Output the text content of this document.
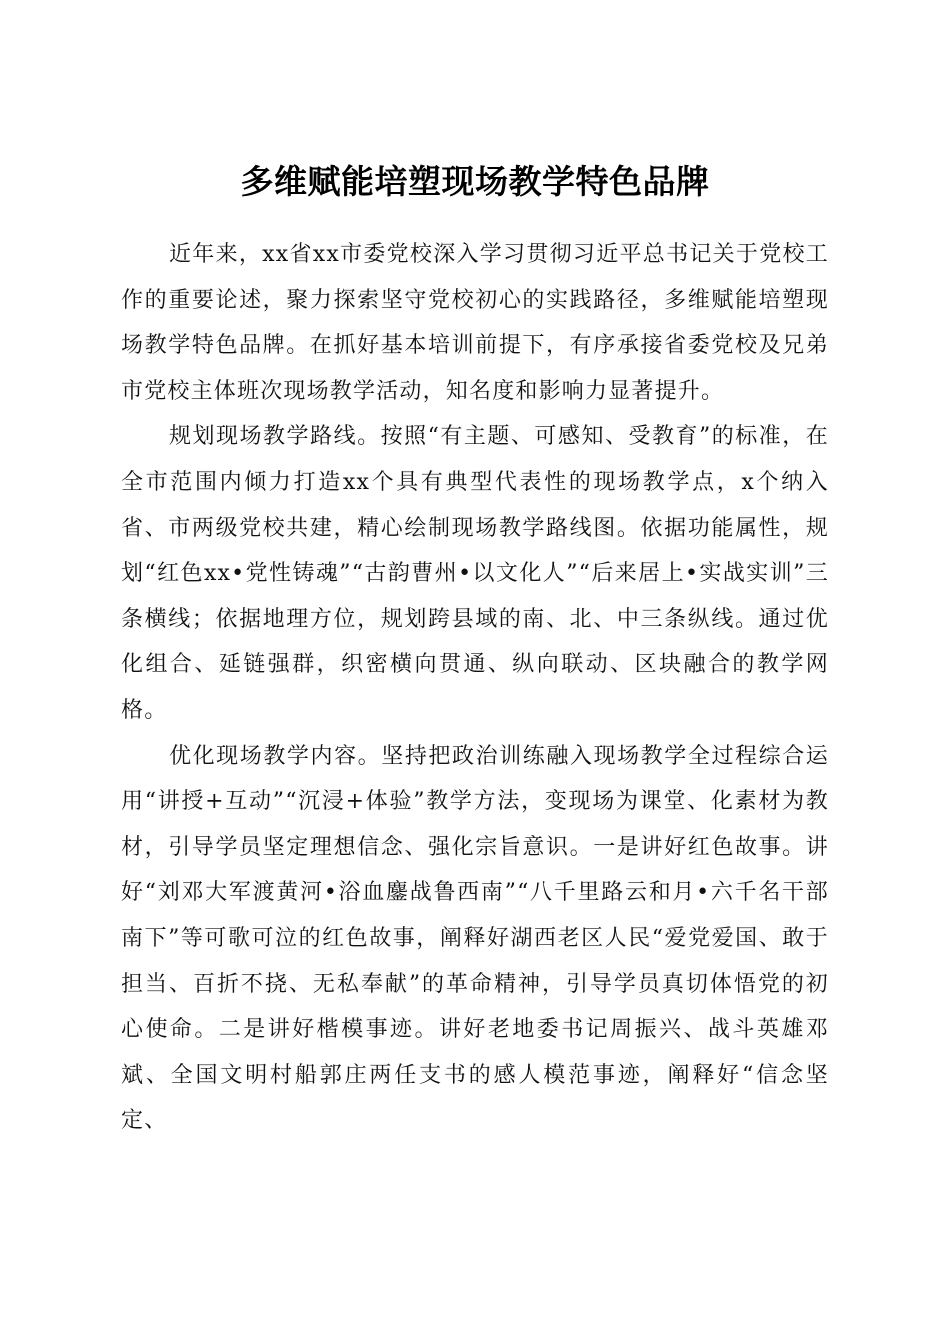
多维赋能培塑现场教学特色品牌

近年来，xx省xx市委党校深入学习贯彻习近平总书记关于党校工作的重要论述，聚力探索坚守党校初心的实践路径，多维赋能培塑现场教学特色品牌。在抓好基本培训前提下，有序承接省委党校及兄弟市党校主体班次现场教学活动，知名度和影响力显著提升。

规划现场教学路线。按照“有主题、可感知、受教育”的标准，在全市范围内倾力打造xx个具有典型代表性的现场教学点，x个纳入省、市两级党校共建，精心绘制现场教学路线图。依据功能属性，规划“红色xx•党性铸魂”“古韵曹州•以文化人”“后来居上•实战实训”三条横线；依据地理方位，规划跨县域的南、北、中三条纵线。通过优化组合、延链强群，织密横向贯通、纵向联动、区块融合的教学网格。

优化现场教学内容。坚持把政治训练融入现场教学全过程综合运用“讲授+互动”“沉浸+体验”教学方法，变现场为课堂、化素材为教材，引导学员坚定理想信念、强化宗旨意识。一是讲好红色故事。讲好“刘邓大军渡黄河•浴血鏖战鲁西南”“八千里路云和月•六千名干部南下”等可歌可泣的红色故事，阐释好湖西老区人民“爱党爱国、敢于担当、百折不挠、无私奉献”的革命精神，引导学员真切体悟党的初心使命。二是讲好楷模事迹。讲好老地委书记周振兴、战斗英雄邓斌、全国文明村船郭庄两任支书的感人模范事迹，阐释好“信念坚定、
